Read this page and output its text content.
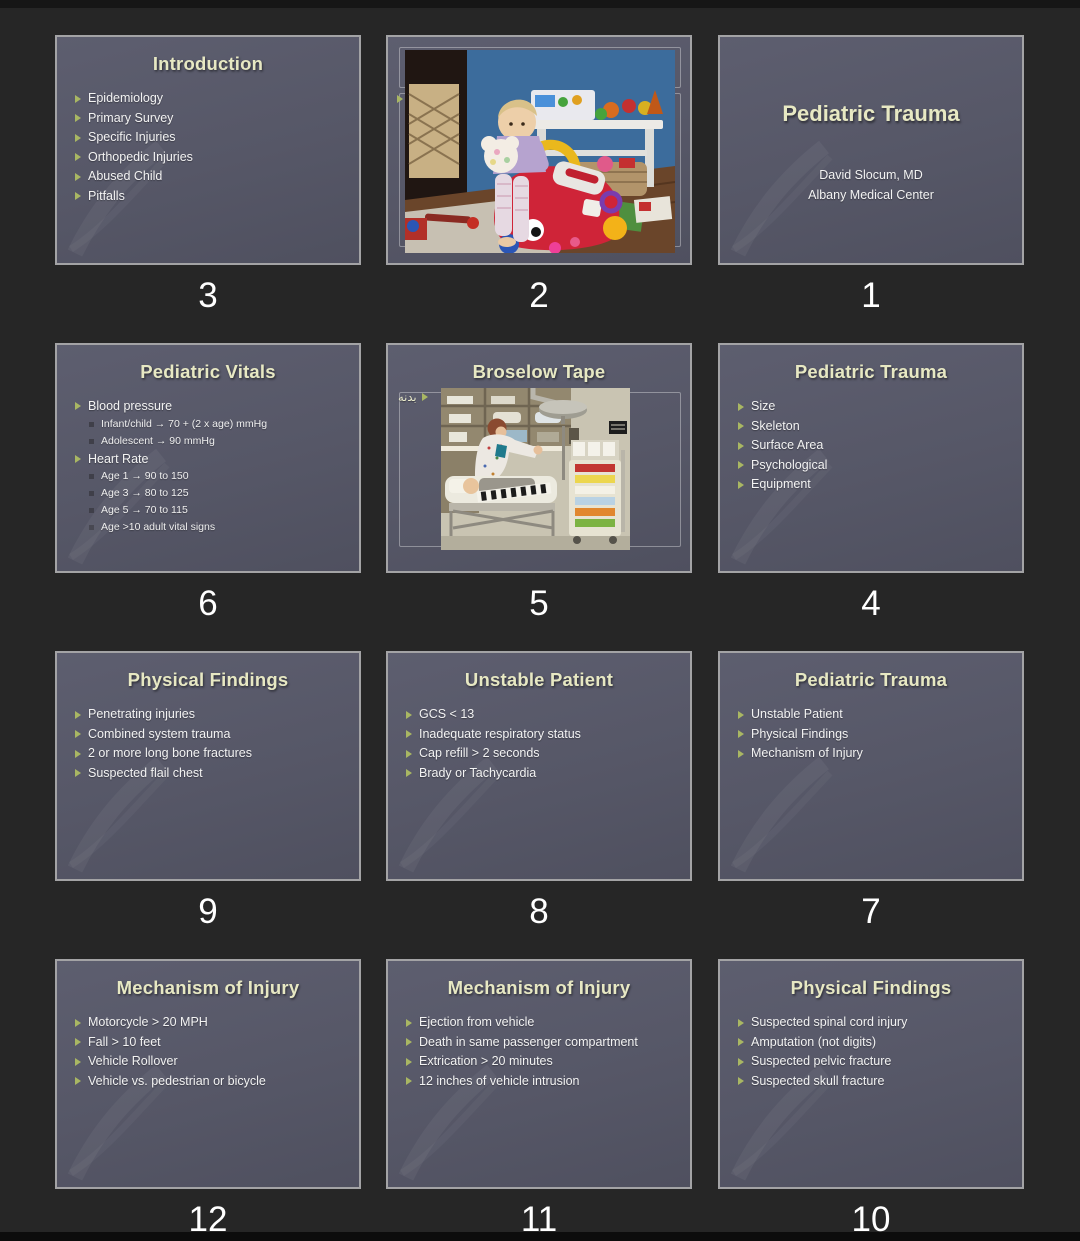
Introduction
Epidemiology
Primary Survey
Specific Injuries
Orthopedic Injuries
Abused Child
Pitfalls
3	2
Pediatric Trauma
David Slocum, MD
Albany Medical Center
1
Pediatric Vitals
Blood pressure
Infant/child → 70 + (2 x age) mmHg
Adolescent → 90 mmHg
Heart Rate
Age 1 → 90 to 150
Age 3 → 80 to 125
Age 5 → 70 to 115
Age >10 adult vital signs
6
Broselow Tape
بدنه
5
Pediatric Trauma
Size
Skeleton
Surface Area
Psychological
Equipment
4
Physical Findings
Penetrating injuries
Combined system trauma
2 or more long bone fractures
Suspected flail chest
9
Unstable Patient
GCS < 13
Inadequate respiratory status
Cap refill > 2 seconds
Brady or Tachycardia
8
Pediatric Trauma
Unstable Patient
Physical Findings
Mechanism of Injury
7
Mechanism of Injury
Motorcycle > 20 MPH
Fall > 10 feet
Vehicle Rollover
Vehicle vs. pedestrian or bicycle
12
Mechanism of Injury
Ejection from vehicle
Death in same passenger compartment
Extrication > 20 minutes
12 inches of vehicle intrusion
11
Physical Findings
Suspected spinal cord injury
Amputation (not digits)
Suspected pelvic fracture
Suspected skull fracture
10
